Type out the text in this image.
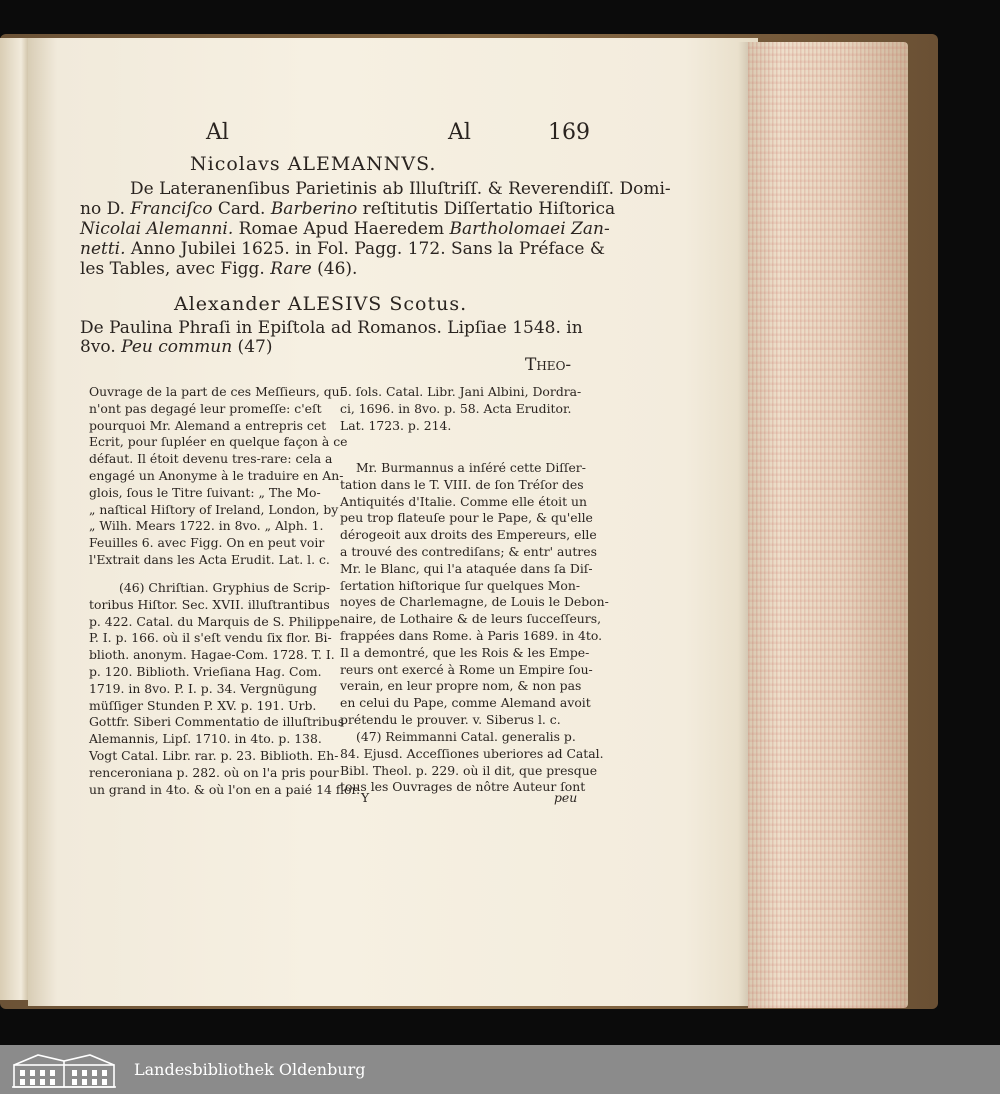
Al	Al	169
Nicolavs ALEMANNVS.
De Lateranenſibus Parietinis ab Illuſtriſſ. & Reverendiſſ. Domi-
no D. Franciſco Card. Barberino reſtitutis Diſſertatio Hiſtorica
Nicolai Alemanni. Romae Apud Haeredem Bartholomaei Zan-
netti. Anno Jubilei 1625. in Fol. Pagg. 172. Sans la Préface &
les Tables, avec Figg. Rare (46).
Alexander ALESIVS Scotus.
De Paulina Phraſi in Epiſtola ad Romanos. Lipſiae 1548. in
8vo. Peu commun (47)
Theo-
Ouvrage de la part de ces Meſſieurs, qui
n'ont pas degagé leur promeſſe: c'eſt
pourquoi Mr. Alemand a entrepris cet
Ecrit, pour ſupléer en quelque façon à ce
défaut. Il étoit devenu tres-rare: cela a
engagé un Anonyme à le traduire en An-
glois, ſous le Titre ſuivant: „ The Mo-
„ naſtical Hiſtory of Ireland, London, by
„ Wilh. Mears 1722. in 8vo. „ Alph. 1.
Feuilles 6. avec Figg. On en peut voir
l'Extrait dans les Acta Erudit. Lat. l. c.
(46) Chriſtian. Gryphius de Scrip-
toribus Hiſtor. Sec. XVII. illuſtrantibus
p. 422. Catal. du Marquis de S. Philippe
P. I. p. 166. où il s'eſt vendu ſix flor. Bi-
blioth. anonym. Hagae-Com. 1728. T. I.
p. 120. Biblioth. Vrieſiana Hag. Com.
1719. in 8vo. P. I. p. 34. Vergnügung
müſſiger Stunden P. XV. p. 191. Urb.
Gottfr. Siberi Commentatio de illuſtribus
Alemannis, Lipſ. 1710. in 4to. p. 138.
Vogt Catal. Libr. rar. p. 23. Biblioth. Eh-
renceroniana p. 282. où on l'a pris pour
un grand in 4to. & où l'on en a paié 14 flor.
5. ſols. Catal. Libr. Jani Albini, Dordra-
ci, 1696. in 8vo. p. 58. Acta Eruditor.
Lat. 1723. p. 214.
Mr. Burmannus a inſéré cette Diſſer-
tation dans le T. VIII. de ſon Tréſor des
Antiquités d'Italie. Comme elle étoit un
peu trop flateuſe pour le Pape, & qu'elle
dérogeoit aux droits des Empereurs, elle
a trouvé des contrediſans; & entr' autres
Mr. le Blanc, qui l'a ataquée dans ſa Diſ-
ſertation hiſtorique ſur quelques Mon-
noyes de Charlemagne, de Louis le Debon-
naire, de Lothaire & de leurs ſucceſſeurs,
frappées dans Rome. à Paris 1689. in 4to.
Il a demontré, que les Rois & les Empe-
reurs ont exercé à Rome un Empire ſou-
verain, en leur propre nom, & non pas
en celui du Pape, comme Alemand avoit
prétendu le prouver. v. Siberus l. c.
(47) Reimmanni Catal. generalis p.
84. Ejusd. Acceſſiones uberiores ad Catal.
Bibl. Theol. p. 229. où il dit, que presque
tous les Ouvrages de nôtre Auteur ſont
Y	peu
Landesbibliothek Oldenburg
